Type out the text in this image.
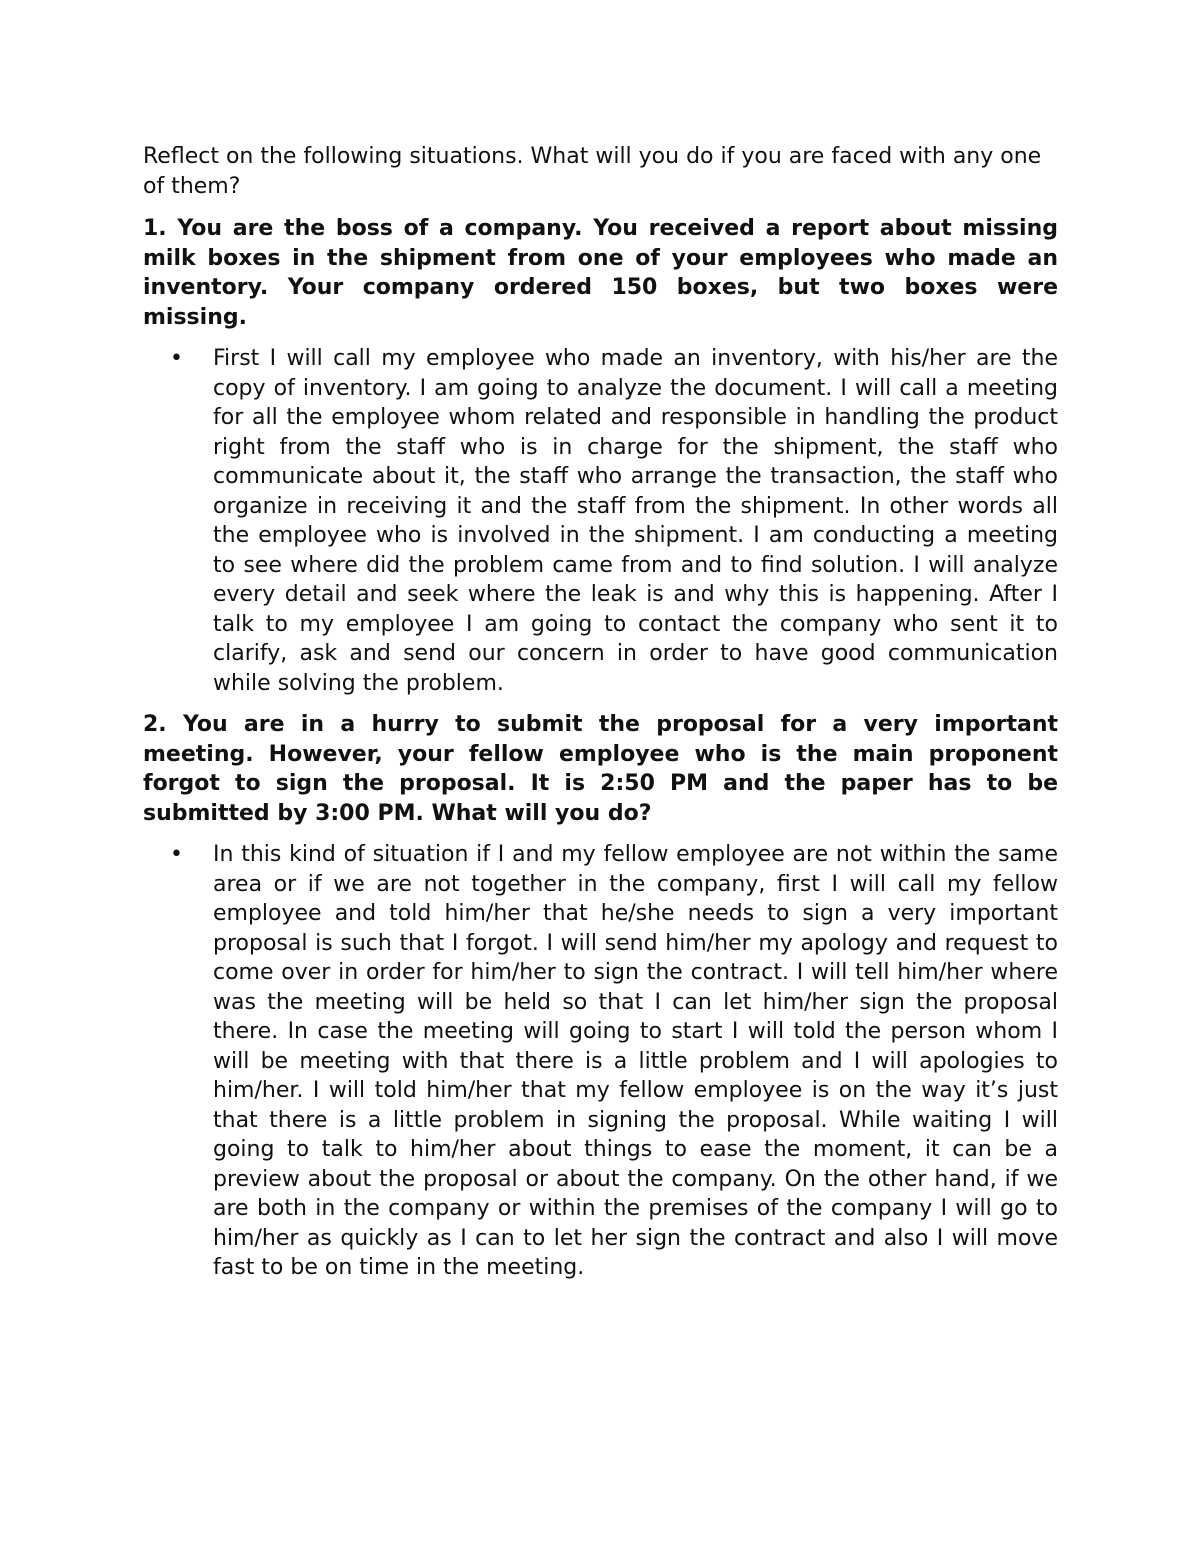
Reflect on the following situations. What will you do if you are faced with any one of them?

1. You are the boss of a company. You received a report about missing milk boxes in the shipment from one of your employees who made an inventory. Your company ordered 150 boxes, but two boxes were missing.

• First I will call my employee who made an inventory, with his/her are the copy of inventory. I am going to analyze the document. I will call a meeting for all the employee whom related and responsible in handling the product right from the staff who is in charge for the shipment, the staff who communicate about it, the staff who arrange the transaction, the staff who organize in receiving it and the staff from the shipment. In other words all the employee who is involved in the shipment. I am conducting a meeting to see where did the problem came from and to find solution. I will analyze every detail and seek where the leak is and why this is happening. After I talk to my employee I am going to contact the company who sent it to clarify, ask and send our concern in order to have good communication while solving the problem.

2. You are in a hurry to submit the proposal for a very important meeting. However, your fellow employee who is the main proponent forgot to sign the proposal. It is 2:50 PM and the paper has to be submitted by 3:00 PM. What will you do?

• In this kind of situation if I and my fellow employee are not within the same area or if we are not together in the company, first I will call my fellow employee and told him/her that he/she needs to sign a very important proposal is such that I forgot. I will send him/her my apology and request to come over in order for him/her to sign the contract. I will tell him/her where was the meeting will be held so that I can let him/her sign the proposal there. In case the meeting will going to start I will told the person whom I will be meeting with that there is a little problem and I will apologies to him/her. I will told him/her that my fellow employee is on the way it’s just that there is a little problem in signing the proposal. While waiting I will going to talk to him/her about things to ease the moment, it can be a preview about the proposal or about the company. On the other hand, if we are both in the company or within the premises of the company I will go to him/her as quickly as I can to let her sign the contract and also I will move fast to be on time in the meeting.
